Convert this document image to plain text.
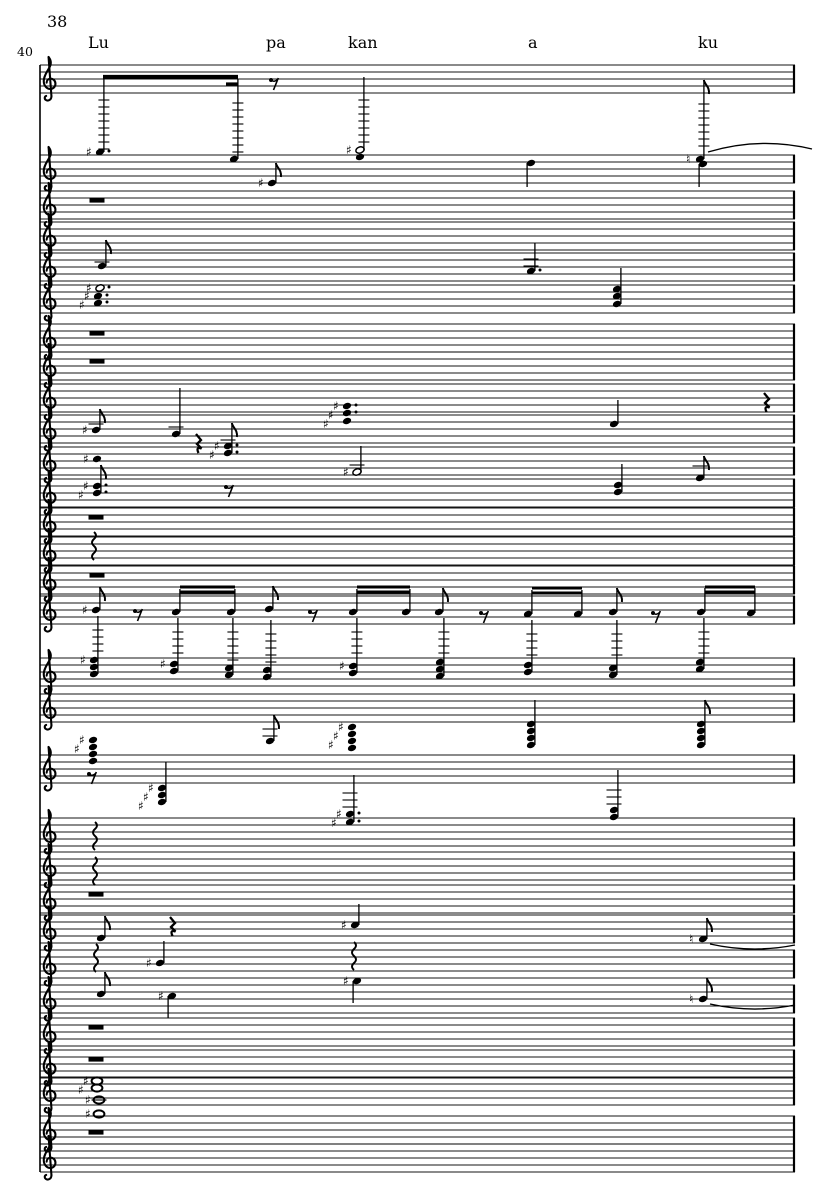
38
40	Lu	pa	kan	a	ku
♯	♯
♮
♯
♯
♯
♯
♯
♯
♯
♯
♯
♯
♯
♯
♯
♯
♯
♯	♯	♯
♯
♯
♯
♯
♯
♯
♯
♯
♯
♯
♯
♮
♯
♯
♯	♮
♯
♯
♯
♯
